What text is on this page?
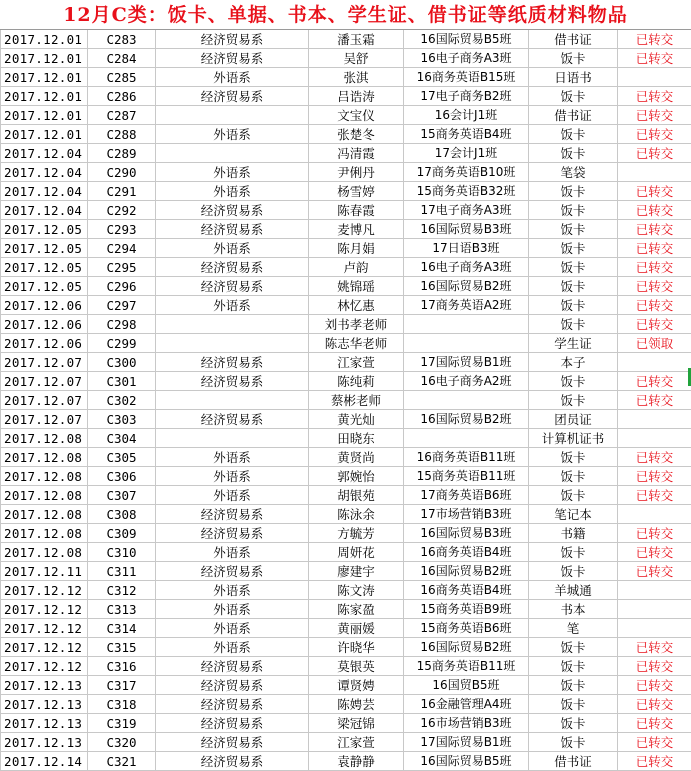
12月C类：饭卡、单据、书本、学生证、借书证等纸质材料物品
2017.12.01	C283	经济贸易系	潘玉霜	16国际贸易B5班	借书证	已转交
2017.12.01	C284	经济贸易系	吴舒	16电子商务A3班	饭卡	已转交
2017.12.01	C285	外语系	张淇	16商务英语B15班	日语书	
2017.12.01	C286	经济贸易系	吕诰涛	17电子商务B2班	饭卡	已转交
2017.12.01	C287		文宝仪	16会计J1班	借书证	已转交
2017.12.01	C288	外语系	张楚冬	15商务英语B4班	饭卡	已转交
2017.12.04	C289		冯清霞	17会计J1班	饭卡	已转交
2017.12.04	C290	外语系	尹俐丹	17商务英语B10班	笔袋	
2017.12.04	C291	外语系	杨雪婷	15商务英语B32班	饭卡	已转交
2017.12.04	C292	经济贸易系	陈春霞	17电子商务A3班	饭卡	已转交
2017.12.05	C293	经济贸易系	麦博凡	16国际贸易B3班	饭卡	已转交
2017.12.05	C294	外语系	陈月娟	17日语B3班	饭卡	已转交
2017.12.05	C295	经济贸易系	卢韵	16电子商务A3班	饭卡	已转交
2017.12.05	C296	经济贸易系	姚锦瑶	16国际贸易B2班	饭卡	已转交
2017.12.06	C297	外语系	林忆惠	17商务英语A2班	饭卡	已转交
2017.12.06	C298		刘书孝老师		饭卡	已转交
2017.12.06	C299		陈志华老师		学生证	已领取
2017.12.07	C300	经济贸易系	江家萱	17国际贸易B1班	本子	
2017.12.07	C301	经济贸易系	陈纯莉	16电子商务A2班	饭卡	已转交
2017.12.07	C302		蔡彬老师		饭卡	已转交
2017.12.07	C303	经济贸易系	黄光灿	16国际贸易B2班	团员证	
2017.12.08	C304		田晓东		计算机证书	
2017.12.08	C305	外语系	黄贤尚	16商务英语B11班	饭卡	已转交
2017.12.08	C306	外语系	郭婉怡	15商务英语B11班	饭卡	已转交
2017.12.08	C307	外语系	胡银苑	17商务英语B6班	饭卡	已转交
2017.12.08	C308	经济贸易系	陈泳余	17市场营销B3班	笔记本	
2017.12.08	C309	经济贸易系	方毓芳	16国际贸易B3班	书籍	已转交
2017.12.08	C310	外语系	周妍花	16商务英语B4班	饭卡	已转交
2017.12.11	C311	经济贸易系	廖建宇	16国际贸易B2班	饭卡	已转交
2017.12.12	C312	外语系	陈文涛	16商务英语B4班	羊城通	
2017.12.12	C313	外语系	陈家盈	15商务英语B9班	书本	
2017.12.12	C314	外语系	黄丽媛	15商务英语B6班	笔	
2017.12.12	C315	外语系	许晓华	16国际贸易B2班	饭卡	已转交
2017.12.12	C316	经济贸易系	莫银英	15商务英语B11班	饭卡	已转交
2017.12.13	C317	经济贸易系	谭贤娉	16国贸B5班	饭卡	已转交
2017.12.13	C318	经济贸易系	陈娉芸	16金融管理A4班	饭卡	已转交
2017.12.13	C319	经济贸易系	梁冠锦	16市场营销B3班	饭卡	已转交
2017.12.13	C320	经济贸易系	江家萱	17国际贸易B1班	饭卡	已转交
2017.12.14	C321	经济贸易系	袁静静	16国际贸易B5班	借书证	已转交
